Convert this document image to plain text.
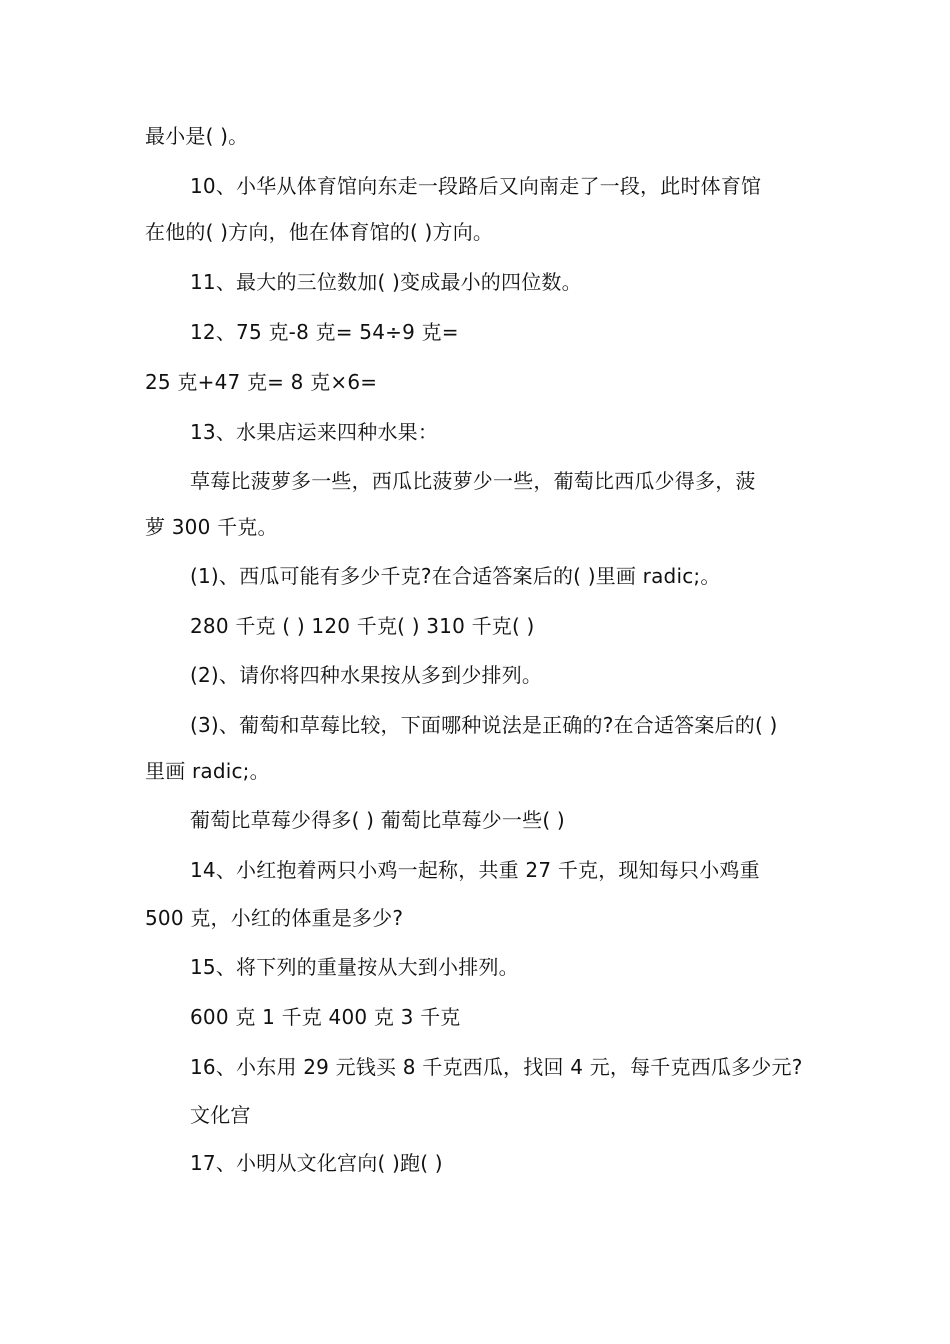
最小是( )。
10、小华从体育馆向东走一段路后又向南走了一段，此时体育馆
在他的( )方向，他在体育馆的( )方向。
11、最大的三位数加( )变成最小的四位数。
12、75 克-8 克= 54÷9 克=
25 克+47 克= 8 克×6=
13、水果店运来四种水果：
草莓比菠萝多一些，西瓜比菠萝少一些，葡萄比西瓜少得多，菠
萝 300 千克。
(1)、西瓜可能有多少千克?在合适答案后的( )里画 radic;。
280 千克 ( ) 120 千克( ) 310 千克( )
(2)、请你将四种水果按从多到少排列。
(3)、葡萄和草莓比较，下面哪种说法是正确的?在合适答案后的( )
里画 radic;。
葡萄比草莓少得多( ) 葡萄比草莓少一些( )
14、小红抱着两只小鸡一起称，共重 27 千克，现知每只小鸡重
500 克，小红的体重是多少?
15、将下列的重量按从大到小排列。
600 克 1 千克 400 克 3 千克
16、小东用 29 元钱买 8 千克西瓜，找回 4 元，每千克西瓜多少元?
文化宫
17、小明从文化宫向( )跑( )
